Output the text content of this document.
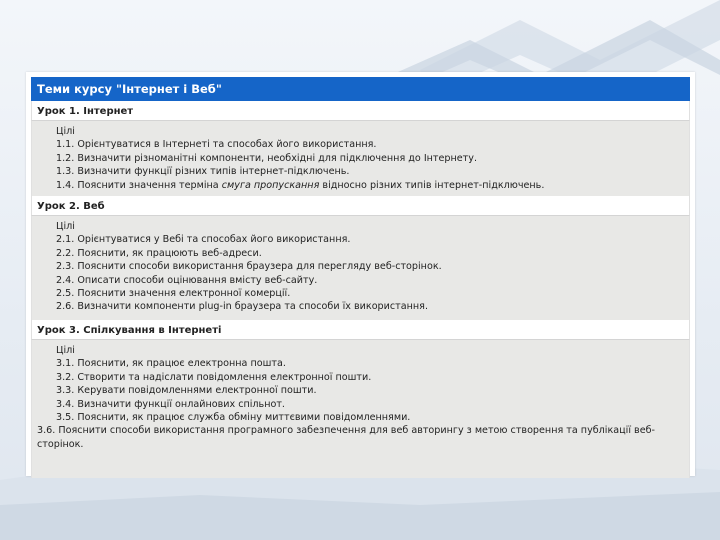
Теми курсу "Інтернет і Веб"
Урок 1. Інтернет
Цілі
1.1. Орієнтуватися в Інтернеті та способах його використання.
1.2. Визначити різноманітні компоненти, необхідні для підключення до Інтернету.
1.3. Визначити функції різних типів інтернет-підключень.
1.4. Пояснити значення терміна смуга пропускання відносно різних типів інтернет-підключень.
Урок 2. Веб
Цілі
2.1. Орієнтуватися у Вебі та способах його використання.
2.2. Пояснити, як працюють веб-адреси.
2.3. Пояснити способи використання браузера для перегляду веб-сторінок.
2.4. Описати способи оцінювання вмісту веб-сайту.
2.5. Пояснити значення електронної комерції.
2.6. Визначити компоненти plug-in браузера та способи їх використання.
Урок 3. Спілкування в Інтернеті
Цілі
3.1. Пояснити, як працює електронна пошта.
3.2. Створити та надіслати повідомлення електронної пошти.
3.3. Керувати повідомленнями електронної пошти.
3.4. Визначити функції онлайнових спільнот.
3.5. Пояснити, як працює служба обміну миттєвими повідомленнями.
3.6. Пояснити способи використання програмного забезпечення для веб авторингу з метою створення та публікації веб-сторінок.
